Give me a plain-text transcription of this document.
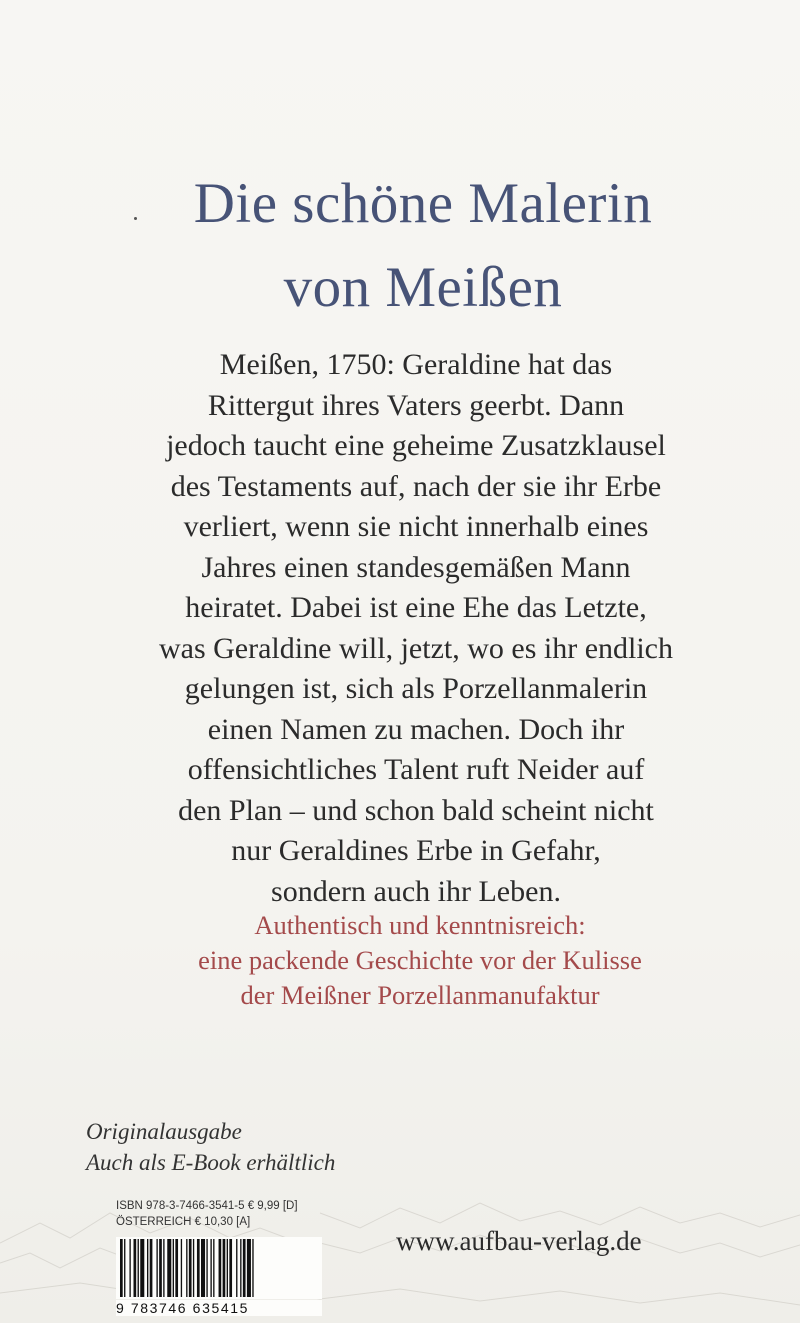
Die schöne Malerin
von Meißen
Meißen, 1750: Geraldine hat das
Rittergut ihres Vaters geerbt. Dann
jedoch taucht eine geheime Zusatzklausel
des Testaments auf, nach der sie ihr Erbe
verliert, wenn sie nicht innerhalb eines
Jahres einen standesgemäßen Mann
heiratet. Dabei ist eine Ehe das Letzte,
was Geraldine will, jetzt, wo es ihr endlich
gelungen ist, sich als Porzellanmalerin
einen Namen zu machen. Doch ihr
offensichtliches Talent ruft Neider auf
den Plan – und schon bald scheint nicht
nur Geraldines Erbe in Gefahr,
sondern auch ihr Leben.
Authentisch und kenntnisreich:
eine packende Geschichte vor der Kulisse
der Meißner Porzellanmanufaktur
Originalausgabe
Auch als E-Book erhältlich
ISBN 978-3-7466-3541-5 € 9,99 [D]
ÖSTERREICH € 10,30 [A]
9 783746 635415
www.aufbau-verlag.de
